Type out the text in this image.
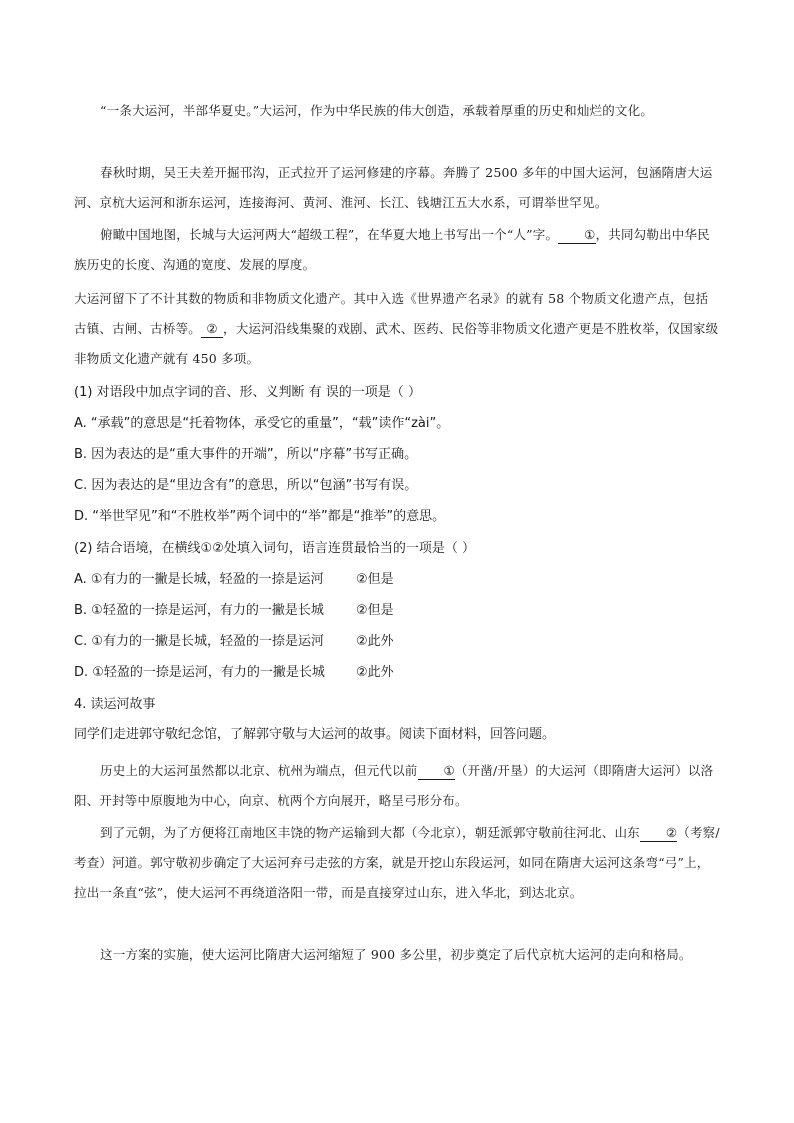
“一条大运河，半部华夏史。”大运河，作为中华民族的伟大创造，承载着厚重的历史和灿烂的文化。

春秋时期，吴王夫差开掘邗沟，正式拉开了运河修建的序幕。奔腾了 2500 多年的中国大运河，包涵隋唐大运河、京杭大运河和浙东运河，连接海河、黄河、淮河、长江、钱塘江五大水系，可谓举世罕见。

俯瞰中国地图，长城与大运河两大“超级工程”，在华夏大地上书写出一个“人”字。 ①，共同勾勒出中华民族历史的长度、沟通的宽度、发展的厚度。

大运河留下了不计其数的物质和非物质文化遗产。其中入选《世界遗产名录》的就有 58 个物质文化遗产点，包括古镇、古闸、古桥等。 ② ，大运河沿线集聚的戏剧、武术、医药、民俗等非物质文化遗产更是不胜枚举，仅国家级非物质文化遗产就有 450 多项。

(1) 对语段中加点字词的音、形、义判断 有 误的一项是（ ）

A. “承载”的意思是“托着物体，承受它的重量”，“载”读作“zài”。

B. 因为表达的是“重大事件的开端”，所以“序幕”书写正确。

C. 因为表达的是“里边含有”的意思，所以“包涵”书写有误。

D. “举世罕见”和“不胜枚举”两个词中的“举”都是“推举”的意思。

(2) 结合语境，在横线①②处填入词句，语言连贯最恰当的一项是（ ）

A. ①有力的一撇是长城，轻盈的一捺是运河 ②但是

B. ①轻盈的一捺是运河，有力的一撇是长城 ②但是

C. ①有力的一撇是长城，轻盈的一捺是运河 ②此外

D. ①轻盈的一捺是运河，有力的一撇是长城 ②此外

4. 读运河故事

同学们走进郭守敬纪念馆，了解郭守敬与大运河的故事。阅读下面材料，回答问题。

历史上的大运河虽然都以北京、杭州为端点，但元代以前 ①（开凿/开垦）的大运河（即隋唐大运河）以洛阳、开封等中原腹地为中心，向京、杭两个方向展开，略呈弓形分布。

到了元朝，为了方便将江南地区丰饶的物产运输到大都（今北京），朝廷派郭守敬前往河北、山东 ②（考察/考查）河道。郭守敬初步确定了大运河弃弓走弦的方案，就是开挖山东段运河，如同在隋唐大运河这条弯“弓”上，拉出一条直“弦”，使大运河不再绕道洛阳一带，而是直接穿过山东，进入华北，到达北京。

这一方案的实施，使大运河比隋唐大运河缩短了 900 多公里，初步奠定了后代京杭大运河的走向和格局。
